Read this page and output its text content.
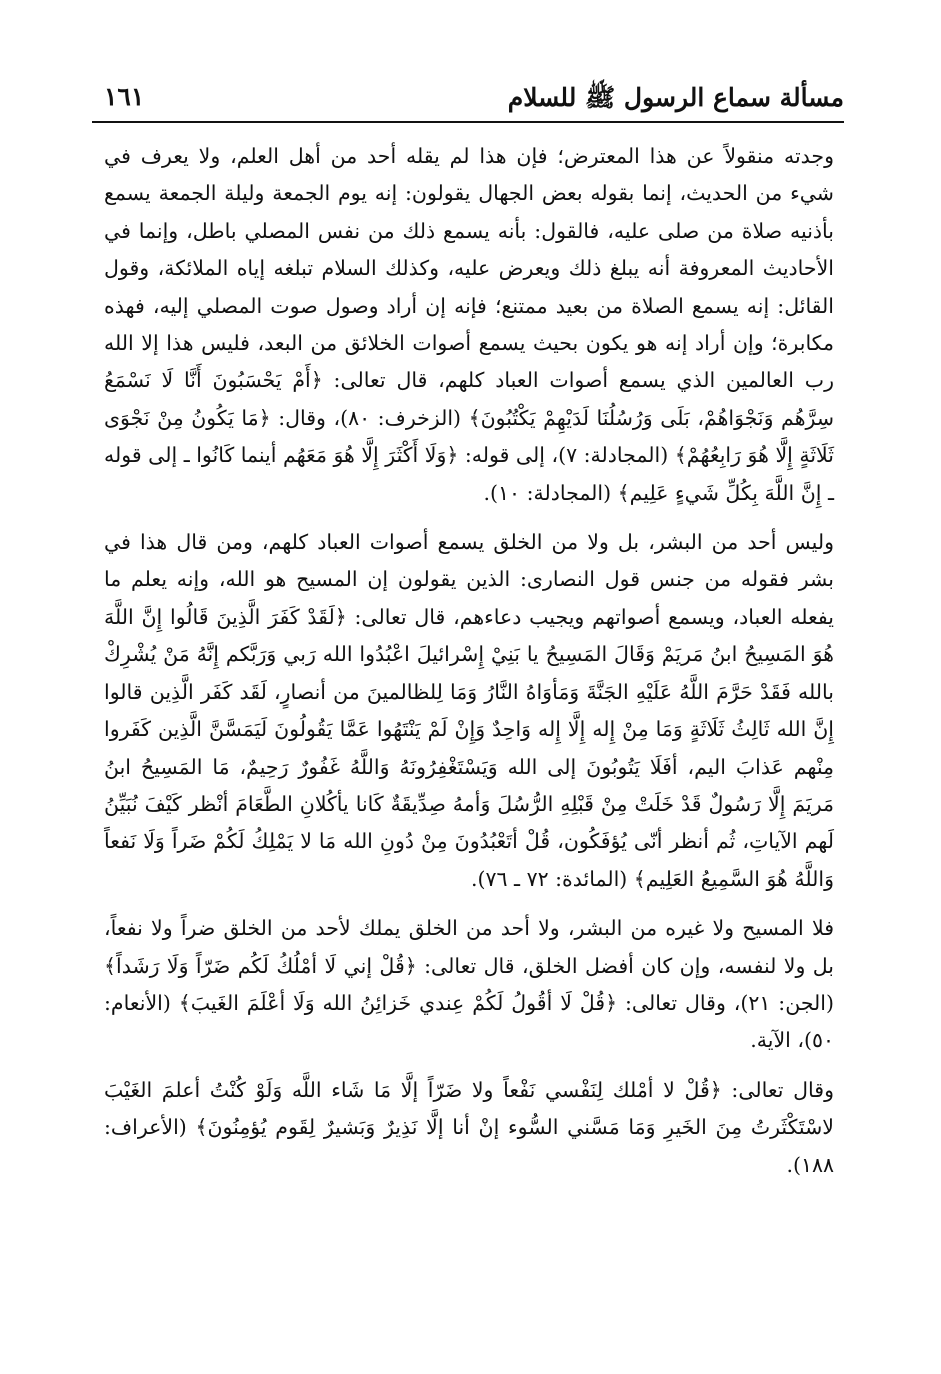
مسألة سماع الرسول ﷺ للسلام
١٦١

وجدته منقولاً عن هذا المعترض؛ فإن هذا لم يقله أحد من أهل العلم، ولا يعرف في شيء من الحديث، إنما بقوله بعض الجهال يقولون: إنه يوم الجمعة وليلة الجمعة يسمع بأذنيه صلاة من صلى عليه، فالقول: بأنه يسمع ذلك من نفس المصلي باطل، وإنما في الأحاديث المعروفة أنه يبلغ ذلك ويعرض عليه، وكذلك السلام تبلغه إياه الملائكة، وقول القائل: إنه يسمع الصلاة من بعيد ممتنع؛ فإنه إن أراد وصول صوت المصلي إليه، فهذه مكابرة؛ وإن أراد إنه هو يكون بحيث يسمع أصوات الخلائق من البعد، فليس هذا إلا الله رب العالمين الذي يسمع أصوات العباد كلهم، قال تعالى: ﴿أَمْ يَحْسَبُونَ أَنَّا لَا نَسْمَعُ سِرَّهُم وَنَجْوَاهُمْ، بَلَى وَرُسُلُنَا لَدَيْهِمْ يَكْتُبُونَ﴾ (الزخرف: ٨٠)، وقال: ﴿مَا يَكُونُ مِنْ نَجْوَى ثَلَاثَةٍ إِلَّا هُوَ رَابِعُهُمْ﴾ (المجادلة: ٧)، إلى قوله: ﴿وَلَا أَكْثَرَ إِلَّا هُوَ مَعَهُم أينما كَانُوا ـ إلى قوله ـ إِنَّ اللَّهَ بِكُلِّ شَيءٍ عَلِيم﴾ (المجادلة: ١٠).

وليس أحد من البشر، بل ولا من الخلق يسمع أصوات العباد كلهم، ومن قال هذا في بشر فقوله من جنس قول النصارى: الذين يقولون إن المسيح هو الله، وإنه يعلم ما يفعله العباد، ويسمع أصواتهم ويجيب دعاءهم، قال تعالى: ﴿لَقَدْ كَفَرَ الَّذِينَ قَالُوا إِنَّ اللَّهَ هُوَ المَسِيحُ ابنُ مَريَمْ وَقَالَ المَسِيحُ يا بَنِيْ إِسْرائيلَ اعْبُدُوا الله رَبي وَرَبَّكم إِنَّهُ مَنْ يُشْرِكْ بالله فَقَدْ حَرَّمَ اللَّهُ عَلَيْهِ الجَنَّةَ وَمَأوَاهُ النَّارُ وَمَا لِلظالمينَ من أنصارٍ، لَقَد كَفَر الَّذِين قالوا إِنَّ الله ثَالِثُ ثَلَاثَةٍ وَمَا مِنْ إِله إِلَّا إِله وَاحِدٌ وَإِنْ لَمْ يَنْتَهُوا عَمَّا يَقُولُونَ لَيَمَسَّنَّ الَّذِين كَفَروا مِنْهم عَذابَ اليم، أفَلَا يَتُوبُونَ إلى الله وَيَسْتَغْفِرُونَهُ وَاللَّهُ غَفُورٌ رَحِيمٌ، مَا المَسِيحُ ابنُ مَريَمَ إِلَّا رَسُولٌ قَدْ خَلَتْ مِنْ قَبْلِهِ الرُّسُلَ وَأمهُ صِدِّيقَةٌ كَانا يأكُلانِ الطَّعَامَ أنْظر كَيْفَ نُبَيِّنُ لَهم الآياتِ، ثُم أنظر أنّى يُؤفَكُون، قُلْ أتَعْبُدُونَ مِنْ دُونِ الله مَا لا يَمْلِكُ لَكُمْ ضَراً وَلَا نَفعاً وَاللَّهُ هُوَ السَّمِيعُ العَلِيم﴾ (المائدة: ٧٢ ـ ٧٦).

فلا المسيح ولا غيره من البشر، ولا أحد من الخلق يملك لأحد من الخلق ضراً ولا نفعاً، بل ولا لنفسه، وإن كان أفضل الخلق، قال تعالى: ﴿قُلْ إني لَا أمْلُكُ لَكُم ضَرّاً وَلَا رَشَداً﴾ (الجن: ٢١)، وقال تعالى: ﴿قُلْ لَا أقُولُ لَكُمْ عِندي خَزائِنُ الله وَلَا أعْلَمَ الغَيبَ﴾ (الأنعام: ٥٠)، الآية.

وقال تعالى: ﴿قُلْ لا أمْلك لِنَفْسي نَفْعاً ولا ضَرّاً إلَّا مَا شَاء اللَّه وَلَوْ كُنْتُ أعلمَ الغَيْبَ لاسْتَكْثَرتُ مِنَ الخَيرِ وَمَا مَسَّني السُّوء إنْ أنا إلَّا نَذِيرٌ وَبَشيرٌ لِقَوم يُؤمِنُونَ﴾ (الأعراف: ١٨٨).
